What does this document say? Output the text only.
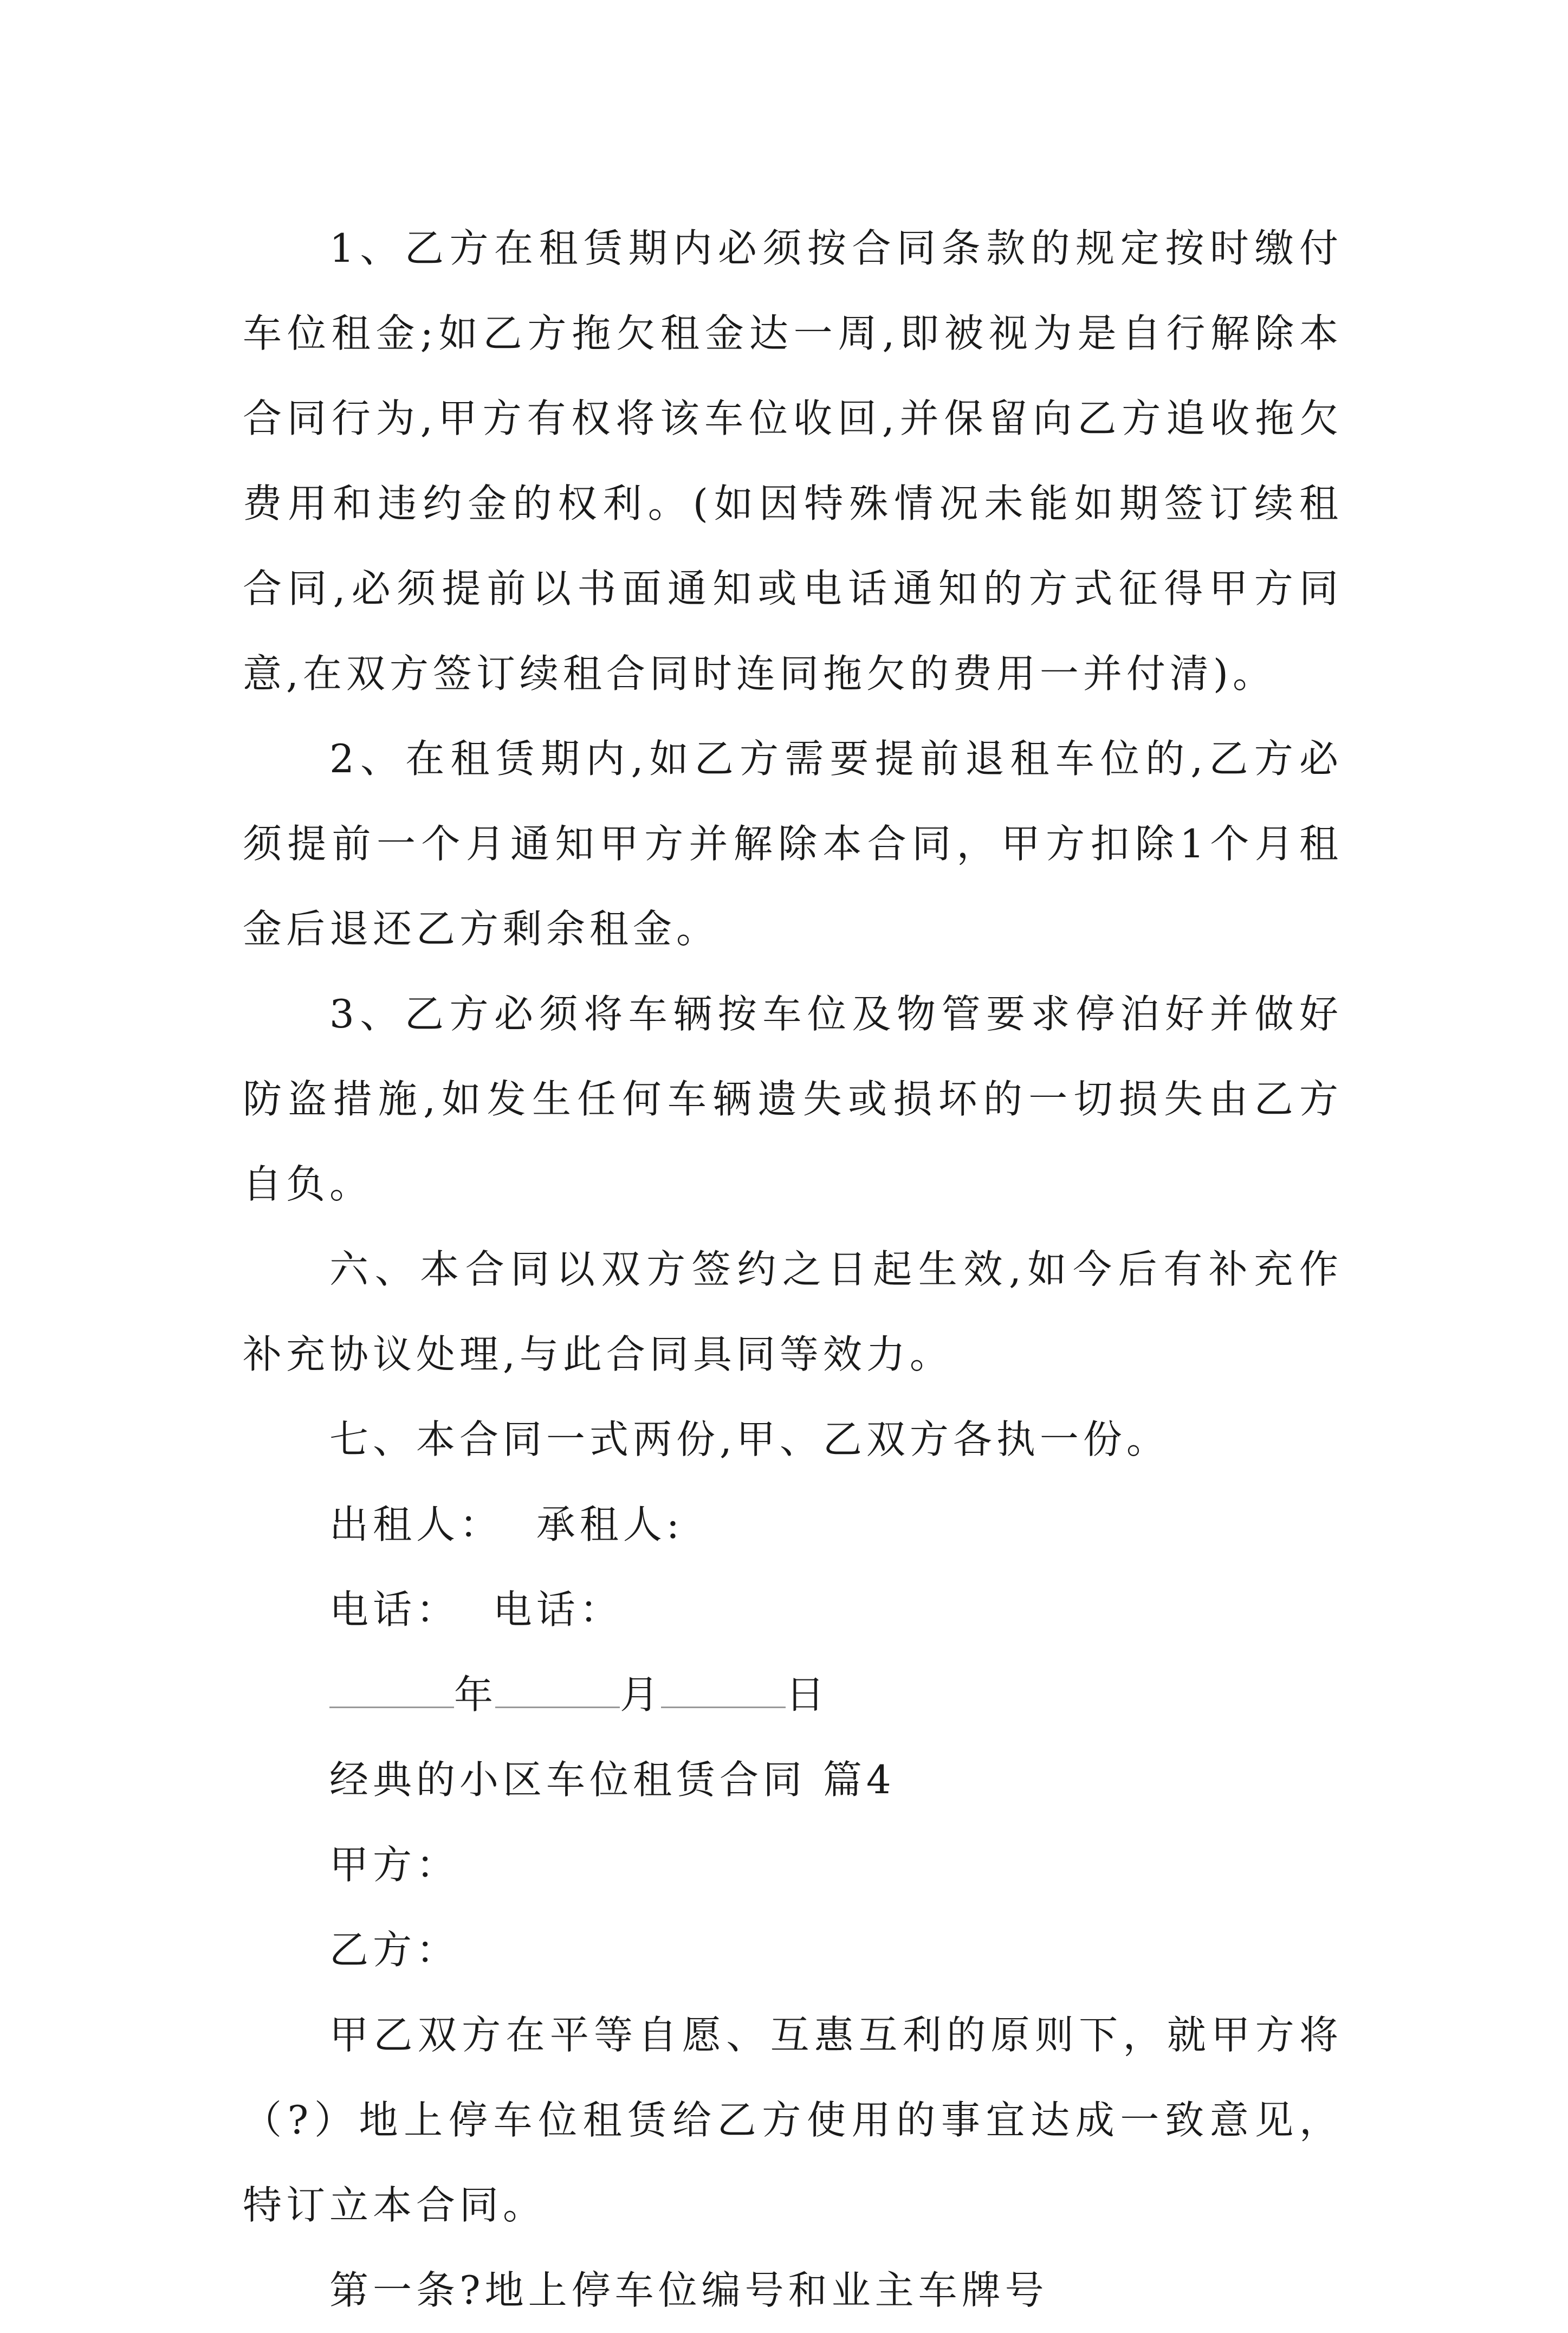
1、乙方在租赁期内必须按合同条款的规定按时缴付车位租金;如乙方拖欠租金达一周,即被视为是自行解除本合同行为,甲方有权将该车位收回,并保留向乙方追收拖欠费用和违约金的权利。(如因特殊情况未能如期签订续租合同,必须提前以书面通知或电话通知的方式征得甲方同意,在双方签订续租合同时连同拖欠的费用一并付清)。

2、在租赁期内,如乙方需要提前退租车位的,乙方必须提前一个月通知甲方并解除本合同，甲方扣除1个月租金后退还乙方剩余租金。

3、乙方必须将车辆按车位及物管要求停泊好并做好防盗措施,如发生任何车辆遗失或损坏的一切损失由乙方自负。

六、本合同以双方签约之日起生效,如今后有补充作补充协议处理,与此合同具同等效力。

七、本合同一式两份,甲、乙双方各执一份。

出租人： 承租人:

电话： 电话：

年	月	日

经典的小区车位租赁合同 篇4

甲方：

乙方：

甲乙双方在平等自愿、互惠互利的原则下，就甲方将（?）地上停车位租赁给乙方使用的事宜达成一致意见，特订立本合同。

第一条?地上停车位编号和业主车牌号
